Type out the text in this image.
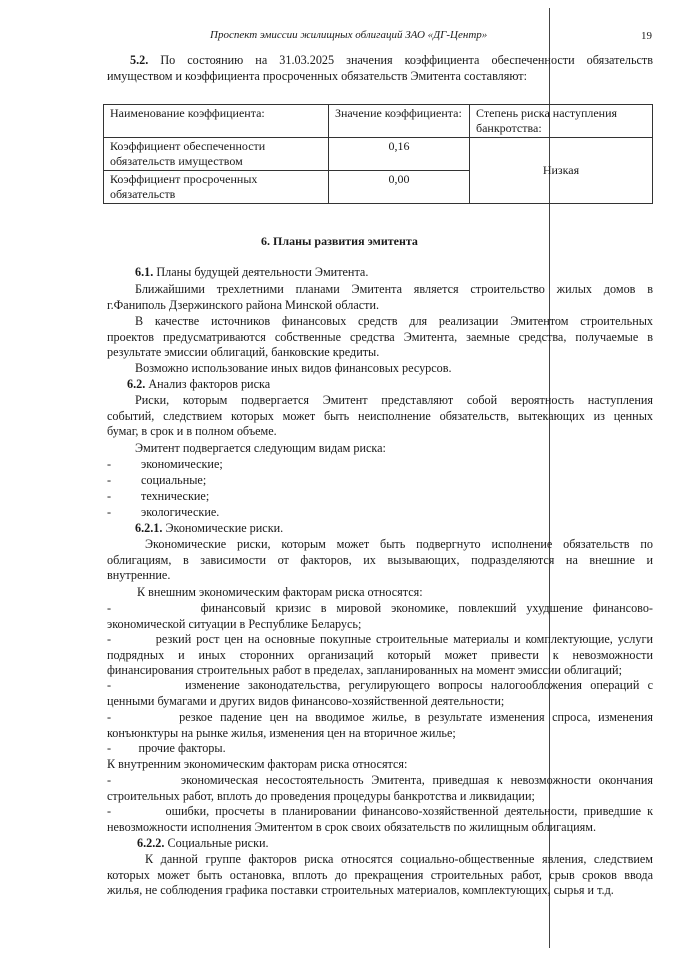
Проспект эмиссии жилищных облигаций ЗАО «ДГ-Центр»	19
5.2. По состоянию на 31.03.2025 значения коэффициента обеспеченности обязательств
имуществом и коэффициента просроченных обязательств Эмитента составляют:
Наименование коэффициента:	Значение коэффициента:	Степень риска наступления банкротства:
Коэффициент обеспеченности обязательств имуществом	0,16	Низкая
Коэффициент просроченных обязательств	0,00	
6. Планы развития эмитента
6.1. Планы будущей деятельности Эмитента.
Ближайшими трехлетними планами Эмитента является строительство жилых домов в
г.Фаниполь Дзержинского района Минской области.
В качестве источников финансовых средств для реализации Эмитентом строительных
проектов предусматриваются собственные средства Эмитента, заемные средства, получаемые в
результате эмиссии облигаций, банковские кредиты.
Возможно использование иных видов финансовых ресурсов.
6.2. Анализ факторов риска
Риски, которым подвергается Эмитент представляют собой вероятность наступления
событий, следствием которых может быть неисполнение обязательств, вытекающих из ценных
бумаг, в срок и в полном объеме.
Эмитент подвергается следующим видам риска:
- экономические;
- социальные;
- технические;
- экологические.
6.2.1. Экономические риски.
Экономические риски, которым может быть подвергнуто исполнение обязательств по
облигациям, в зависимости от факторов, их вызывающих, подразделяются на внешние и
внутренние.
К внешним экономическим факторам риска относятся:
-         финансовый кризис в мировой экономике, повлекший ухудшение финансово-
экономической ситуации в Республике Беларусь;
-         резкий рост цен на основные покупные строительные материалы и комплектующие, услуги
подрядных и иных сторонних организаций который может привести к невозможности
финансирования строительных работ в пределах, запланированных на момент эмиссии облигаций;
-         изменение законодательства, регулирующего вопросы налогообложения операций с
ценными бумагами и других видов финансово-хозяйственной деятельности;
-         резкое падение цен на вводимое жилье, в результате изменения спроса, изменения
конъюнктуры на рынке жилья, изменения цен на вторичное жилье;
-         прочие факторы.
К внутренним экономическим факторам риска относятся:
-         экономическая несостоятельность Эмитента, приведшая к невозможности окончания
строительных работ, вплоть до проведения процедуры банкротства и ликвидации;
-         ошибки, просчеты в планировании финансово-хозяйственной деятельности, приведшие к
невозможности исполнения Эмитентом в срок своих обязательств по жилищным облигациям.
6.2.2. Социальные риски.
К данной группе факторов риска относятся социально-общественные явления, следствием
которых может быть остановка, вплоть до прекращения строительных работ, срыв сроков ввода
жилья, не соблюдения графика поставки строительных материалов, комплектующих, сырья и т.д.
